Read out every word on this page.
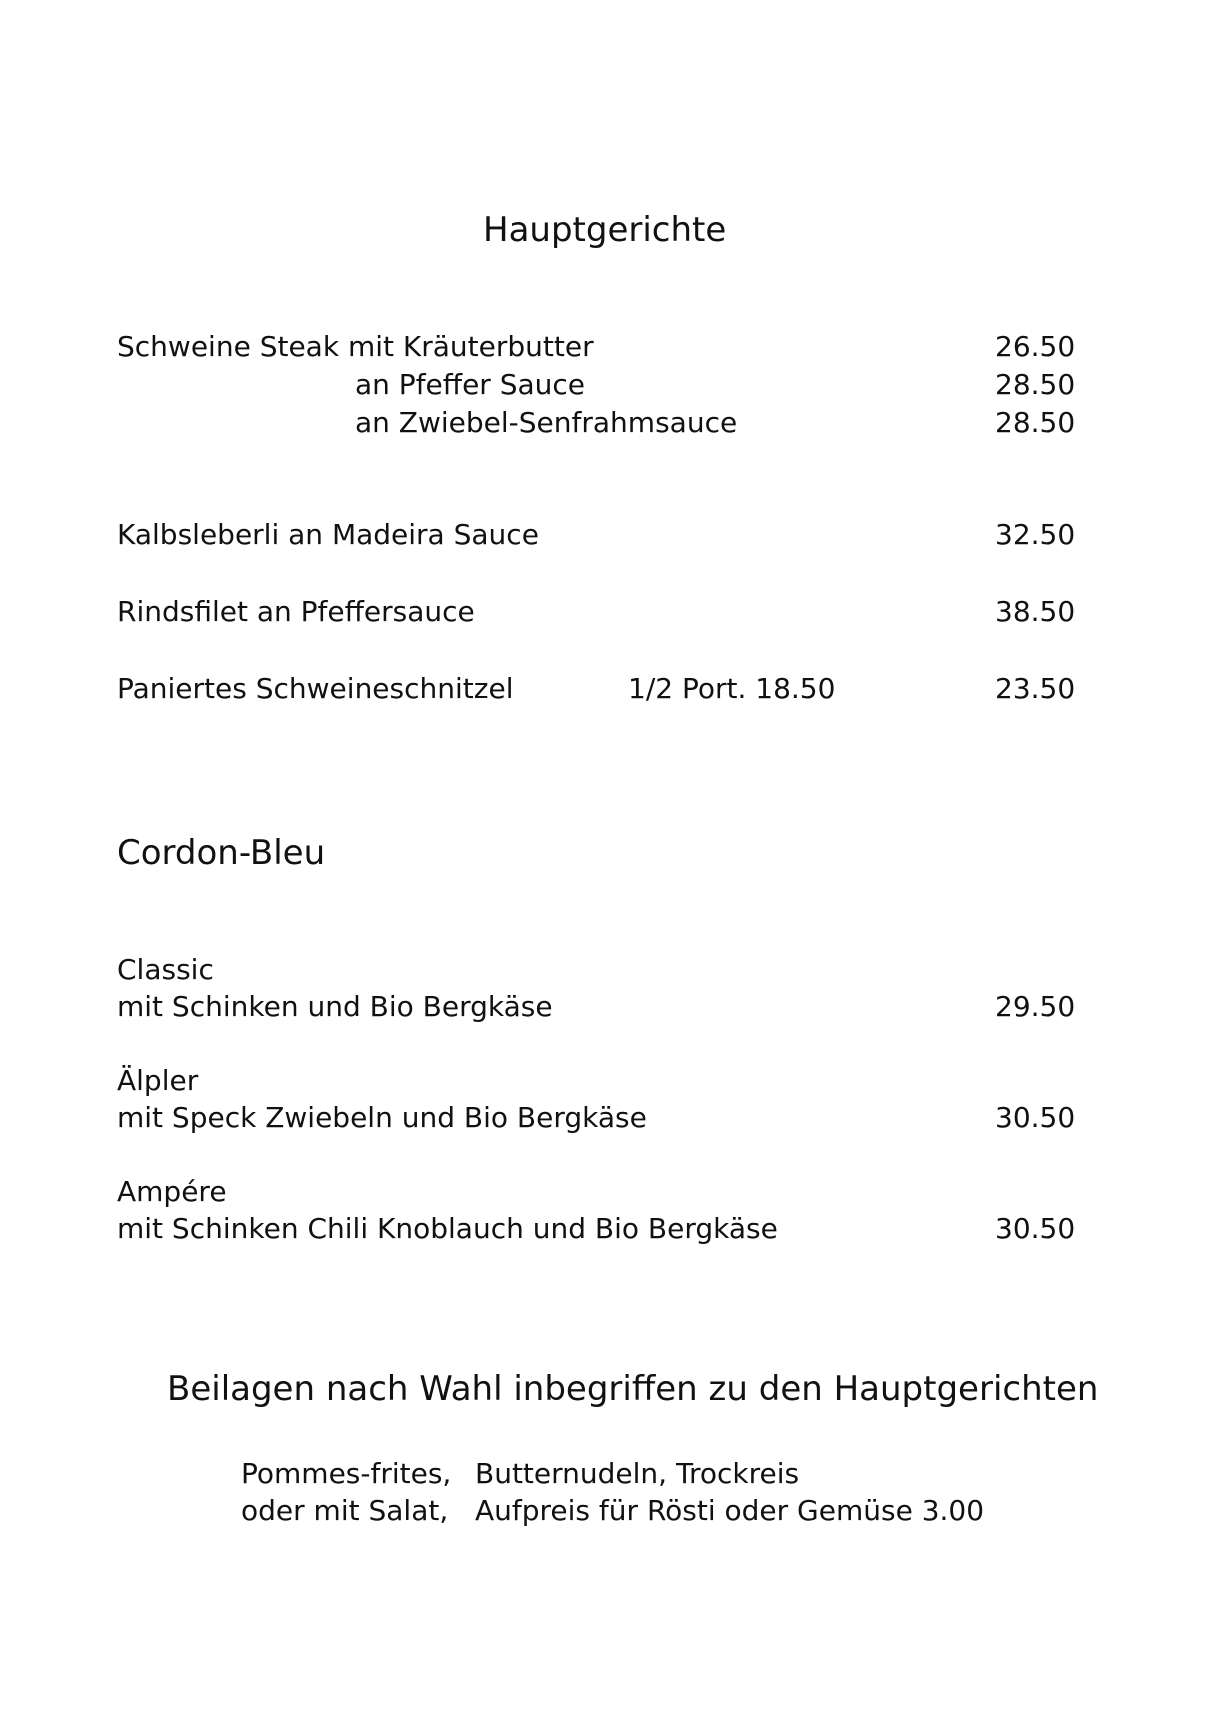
Hauptgerichte
Schweine Steak mit Kräuterbutter	26.50
an Pfeffer Sauce	28.50
an Zwiebel-Senfrahmsauce	28.50
Kalbsleberli an Madeira Sauce	32.50
Rindsfilet an Pfeffersauce	38.50
Paniertes Schweineschnitzel	1/2 Port. 18.50	23.50
Cordon-Bleu
Classic
mit Schinken und Bio Bergkäse	29.50
Älpler
mit Speck Zwiebeln und Bio Bergkäse	30.50
Ampére
mit Schinken Chili Knoblauch und Bio Bergkäse	30.50
Beilagen nach Wahl inbegriffen zu den Hauptgerichten
Pommes-frites, Butternudeln, Trockreis
oder mit Salat, Aufpreis für Rösti oder Gemüse 3.00
